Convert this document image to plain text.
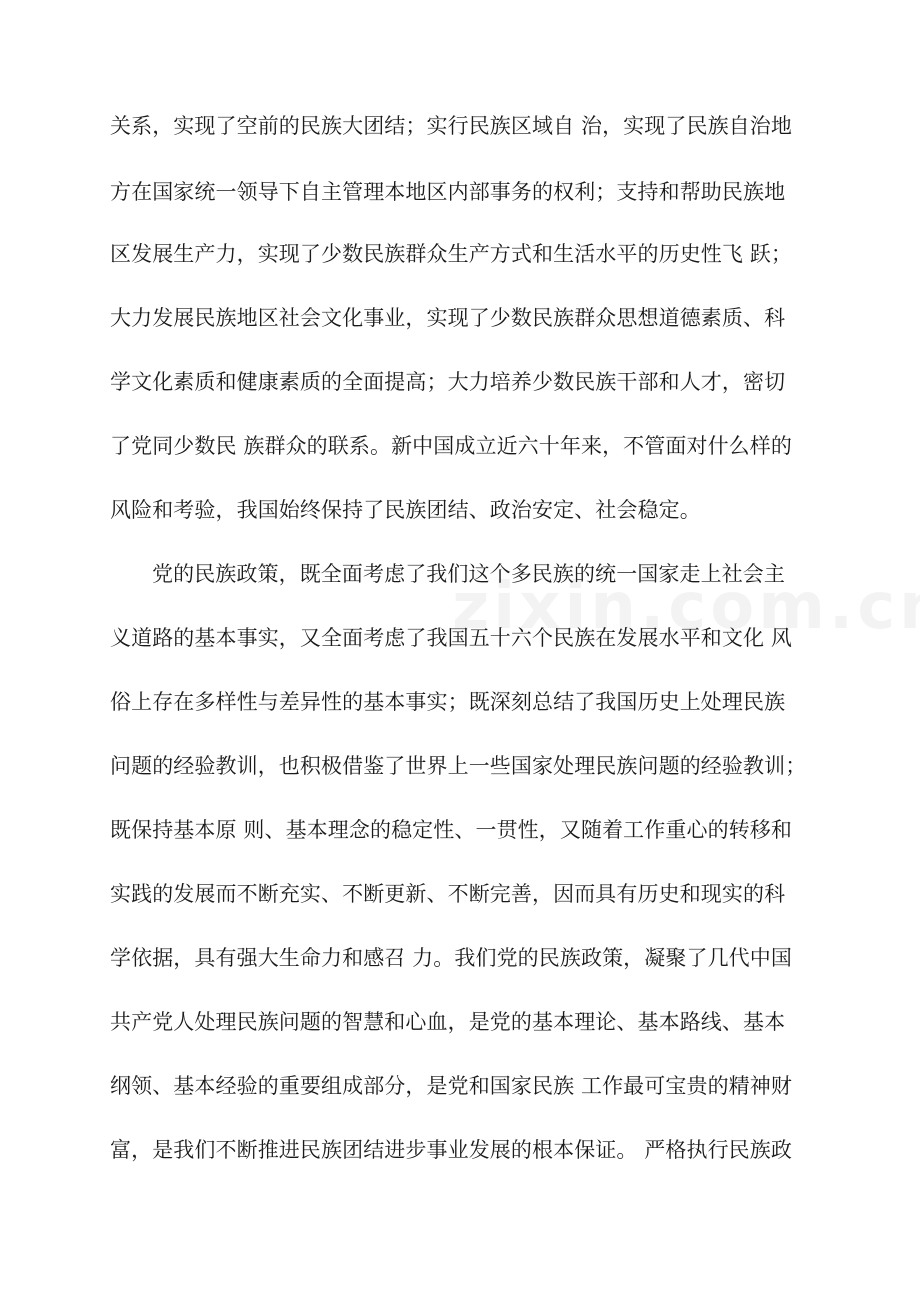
关系，实现了空前的民族大团结；实行民族区域自 治，实现了民族自治地
方在国家统一领导下自主管理本地区内部事务的权利；支持和帮助民族地
区发展生产力，实现了少数民族群众生产方式和生活水平的历史性飞 跃；
大力发展民族地区社会文化事业，实现了少数民族群众思想道德素质、科
学文化素质和健康素质的全面提高；大力培养少数民族干部和人才，密切
了党同少数民 族群众的联系。新中国成立近六十年来，不管面对什么样的
风险和考验，我国始终保持了民族团结、政治安定、社会稳定。
党的民族政策，既全面考虑了我们这个多民族的统一国家走上社会主
义道路的基本事实，又全面考虑了我国五十六个民族在发展水平和文化 风
俗上存在多样性与差异性的基本事实；既深刻总结了我国历史上处理民族
问题的经验教训，也积极借鉴了世界上一些国家处理民族问题的经验教训；
既保持基本原 则、基本理念的稳定性、一贯性，又随着工作重心的转移和
实践的发展而不断充实、不断更新、不断完善，因而具有历史和现实的科
学依据，具有强大生命力和感召 力。我们党的民族政策，凝聚了几代中国
共产党人处理民族问题的智慧和心血，是党的基本理论、基本路线、基本
纲领、基本经验的重要组成部分，是党和国家民族 工作最可宝贵的精神财
富，是我们不断推进民族团结进步事业发展的根本保证。 严格执行民族政
